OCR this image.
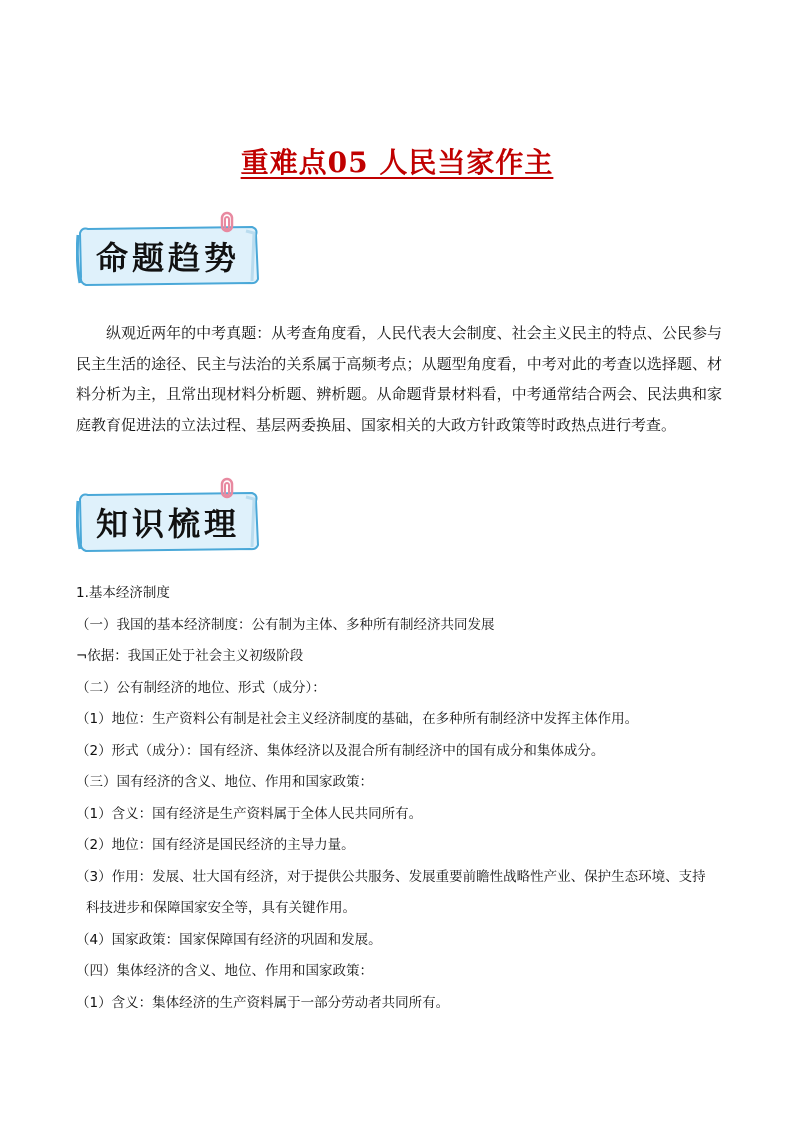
重难点05 人民当家作主
命题趋势
纵观近两年的中考真题：从考查角度看，人民代表大会制度、社会主义民主的特点、公民参与民主生活的途径、民主与法治的关系属于高频考点；从题型角度看，中考对此的考查以选择题、材料分析为主，且常出现材料分析题、辨析题。从命题背景材料看，中考通常结合两会、民法典和家庭教育促进法的立法过程、基层两委换届、国家相关的大政方针政策等时政热点进行考查。
知识梳理
1.基本经济制度
（一）我国的基本经济制度：公有制为主体、多种所有制经济共同发展
¬依据：我国正处于社会主义初级阶段
（二）公有制经济的地位、形式（成分）：
（1）地位：生产资料公有制是社会主义经济制度的基础，在多种所有制经济中发挥主体作用。
（2）形式（成分）：国有经济、集体经济以及混合所有制经济中的国有成分和集体成分。
（三）国有经济的含义、地位、作用和国家政策：
（1）含义：国有经济是生产资料属于全体人民共同所有。
（2）地位：国有经济是国民经济的主导力量。
（3）作用：发展、壮大国有经济，对于提供公共服务、发展重要前瞻性战略性产业、保护生态环境、支持
科技进步和保障国家安全等，具有关键作用。
（4）国家政策：国家保障国有经济的巩固和发展。
（四）集体经济的含义、地位、作用和国家政策：
（1）含义：集体经济的生产资料属于一部分劳动者共同所有。
